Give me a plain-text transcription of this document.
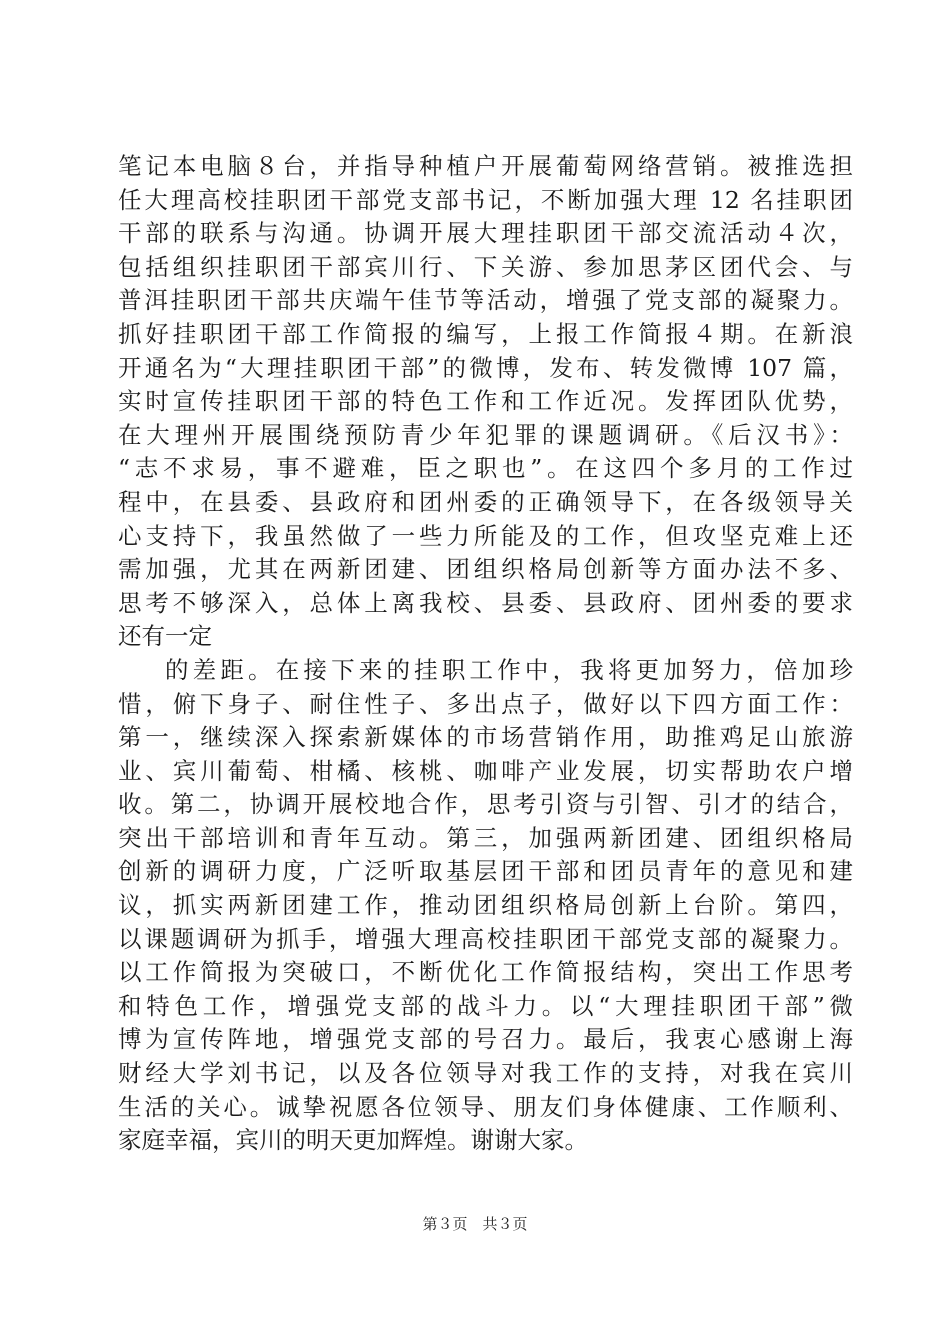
笔记本电脑８台，并指导种植户开展葡萄网络营销。被推选担
任大理高校挂职团干部党支部书记，不断加强大理 12 名挂职团
干部的联系与沟通。协调开展大理挂职团干部交流活动４次，
包括组织挂职团干部宾川行、下关游、参加思茅区团代会、与
普洱挂职团干部共庆端午佳节等活动，增强了党支部的凝聚力。
抓好挂职团干部工作简报的编写，上报工作简报４期。在新浪
开通名为“大理挂职团干部”的微博，发布、转发微博 107 篇，
实时宣传挂职团干部的特色工作和工作近况。发挥团队优势，
在大理州开展围绕预防青少年犯罪的课题调研。《后汉书》：
“志不求易，事不避难，臣之职也”。在这四个多月的工作过
程中，在县委、县政府和团州委的正确领导下，在各级领导关
心支持下，我虽然做了一些力所能及的工作，但攻坚克难上还
需加强，尤其在两新团建、团组织格局创新等方面办法不多、
思考不够深入，总体上离我校、县委、县政府、团州委的要求
还有一定
的差距。在接下来的挂职工作中，我将更加努力，倍加珍
惜，俯下身子、耐住性子、多出点子，做好以下四方面工作：
第一，继续深入探索新媒体的市场营销作用，助推鸡足山旅游
业、宾川葡萄、柑橘、核桃、咖啡产业发展，切实帮助农户增
收。第二，协调开展校地合作，思考引资与引智、引才的结合，
突出干部培训和青年互动。第三，加强两新团建、团组织格局
创新的调研力度，广泛听取基层团干部和团员青年的意见和建
议，抓实两新团建工作，推动团组织格局创新上台阶。第四，
以课题调研为抓手，增强大理高校挂职团干部党支部的凝聚力。
以工作简报为突破口，不断优化工作简报结构，突出工作思考
和特色工作，增强党支部的战斗力。以“大理挂职团干部”微
博为宣传阵地，增强党支部的号召力。最后，我衷心感谢上海
财经大学刘书记，以及各位领导对我工作的支持，对我在宾川
生活的关心。诚挚祝愿各位领导、朋友们身体健康、工作顺利、
家庭幸福，宾川的明天更加辉煌。谢谢大家。
第３页　共３页
